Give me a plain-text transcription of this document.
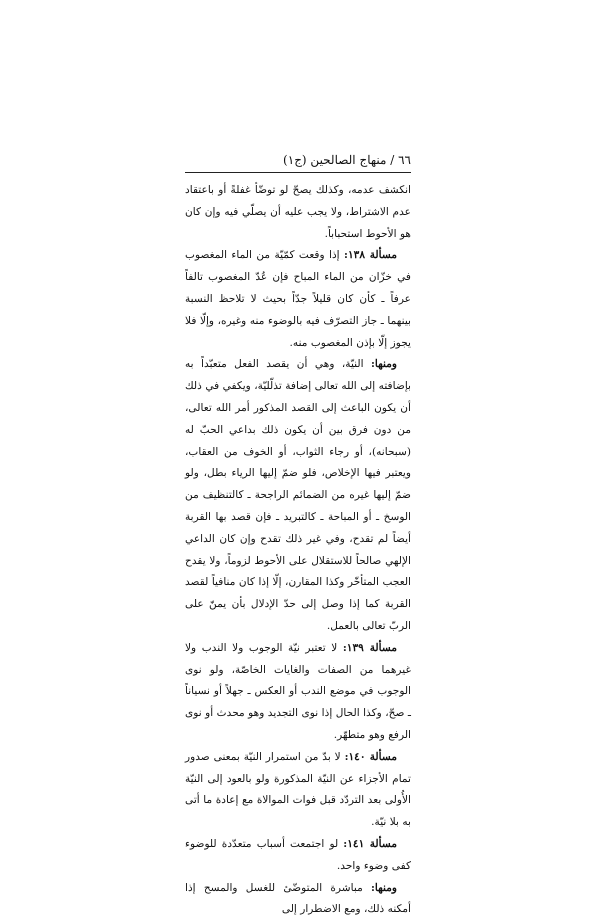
٦٦ / منهاج الصالحين (ج١)

انكشف عدمه، وكذلك يصحّ لو توضّأ غفلةً أو باعتقاد عدم الاشتراط، ولا يجب عليه أن يصلّي فيه وإن كان هو الأحوط استحباباً.

مسألة ١٣٨: إذا وقعت كمّيّة من الماء المغصوب في خزّان من الماء المباح فإن عُدّ المغصوب تالفاً عرفاً ـ كأن كان قليلاً جدّاً بحيث لا تلاحظ النسبة بينهما ـ جاز التصرّف فيه بالوضوء منه وغيره، وإلّا فلا يجوز إلّا بإذن المغصوب منه.

ومنها: النيّة، وهي أن يقصد الفعل متعبّداً به بإضافته إلى الله تعالى إضافة تذلّليّة، ويكفي في ذلك أن يكون الباعث إلى القصد المذكور أمر الله تعالى، من دون فرق بين أن يكون ذلك بداعي الحبّ له (سبحانه)، أو رجاء الثواب، أو الخوف من العقاب، ويعتبر فيها الإخلاص، فلو ضمّ إليها الرياء بطل، ولو ضمّ إليها غيره من الضمائم الراجحة ـ كالتنظيف من الوسخ ـ أو المباحة ـ كالتبريد ـ فإن قصد بها القربة أيضاً لم تقدح، وفي غير ذلك تقدح وإن كان الداعي الإلهي صالحاً للاستقلال على الأحوط لزوماً، ولا يقدح العجب المتأخّر وكذا المقارن، إلّا إذا كان منافياً لقصد القربة كما إذا وصل إلى حدّ الإدلال بأن يمنّ على الربّ تعالى بالعمل.

مسألة ١٣٩: لا تعتبر نيّة الوجوب ولا الندب ولا غيرهما من الصفات والغايات الخاصّة، ولو نوى الوجوب في موضع الندب أو العكس ـ جهلاً أو نسياناً ـ صحّ، وكذا الحال إذا نوى التجديد وهو محدث أو نوى الرفع وهو متطهّر.

مسألة ١٤٠: لا بدّ من استمرار النيّة بمعنى صدور تمام الأجزاء عن النيّة المذكورة ولو بالعود إلى النيّة الأُولى بعد التردّد قبل فوات الموالاة مع إعادة ما أتى به بلا نيّة.

مسألة ١٤١: لو اجتمعت أسباب متعدّدة للوضوء كفى وضوء واحد.

ومنها: مباشرة المتوضّئ للغسل والمسح إذا أمكنه ذلك، ومع الاضطرار إلى
